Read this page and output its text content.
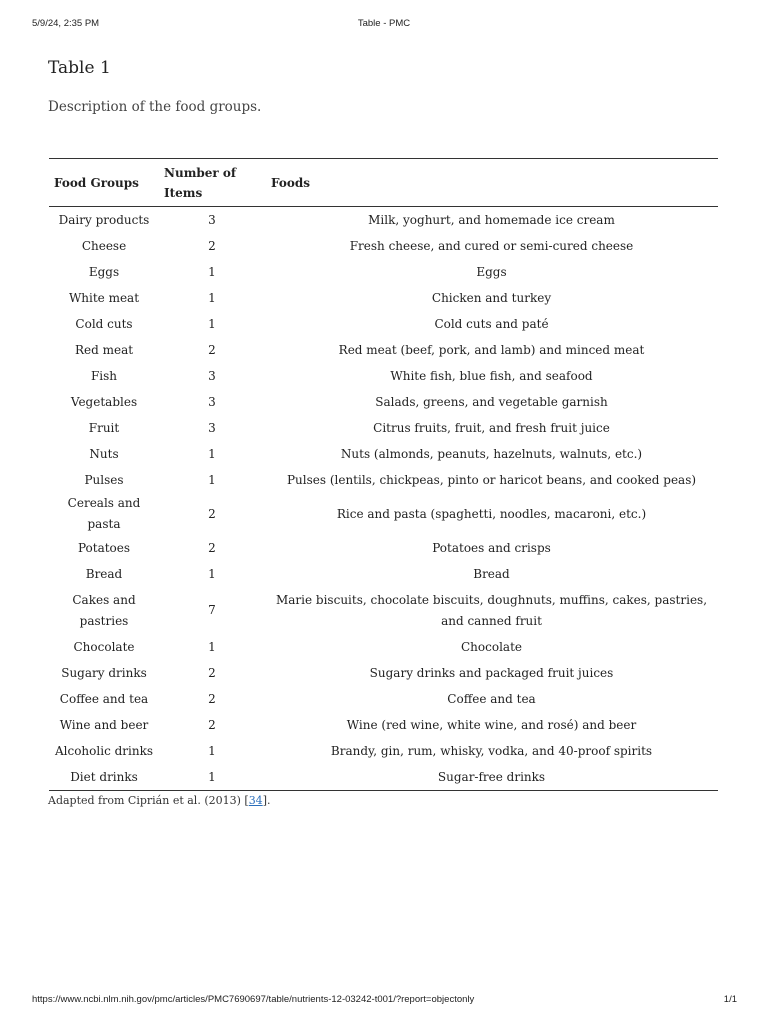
5/9/24, 2:35 PM	Table - PMC
Table 1

Description of the food groups.

Food Groups	Number of Items	Foods
Dairy products	3	Milk, yoghurt, and homemade ice cream
Cheese	2	Fresh cheese, and cured or semi-cured cheese
Eggs	1	Eggs
White meat	1	Chicken and turkey
Cold cuts	1	Cold cuts and paté
Red meat	2	Red meat (beef, pork, and lamb) and minced meat
Fish	3	White fish, blue fish, and seafood
Vegetables	3	Salads, greens, and vegetable garnish
Fruit	3	Citrus fruits, fruit, and fresh fruit juice
Nuts	1	Nuts (almonds, peanuts, hazelnuts, walnuts, etc.)
Pulses	1	Pulses (lentils, chickpeas, pinto or haricot beans, and cooked peas)
Cereals and pasta	2	Rice and pasta (spaghetti, noodles, macaroni, etc.)
Potatoes	2	Potatoes and crisps
Bread	1	Bread
Cakes and pastries	7	Marie biscuits, chocolate biscuits, doughnuts, muffins, cakes, pastries, and canned fruit
Chocolate	1	Chocolate
Sugary drinks	2	Sugary drinks and packaged fruit juices
Coffee and tea	2	Coffee and tea
Wine and beer	2	Wine (red wine, white wine, and rosé) and beer
Alcoholic drinks	1	Brandy, gin, rum, whisky, vodka, and 40-proof spirits
Diet drinks	1	Sugar-free drinks
Adapted from Ciprián et al. (2013) [34].
https://www.ncbi.nlm.nih.gov/pmc/articles/PMC7690697/table/nutrients-12-03242-t001/?report=objectonly	1/1
